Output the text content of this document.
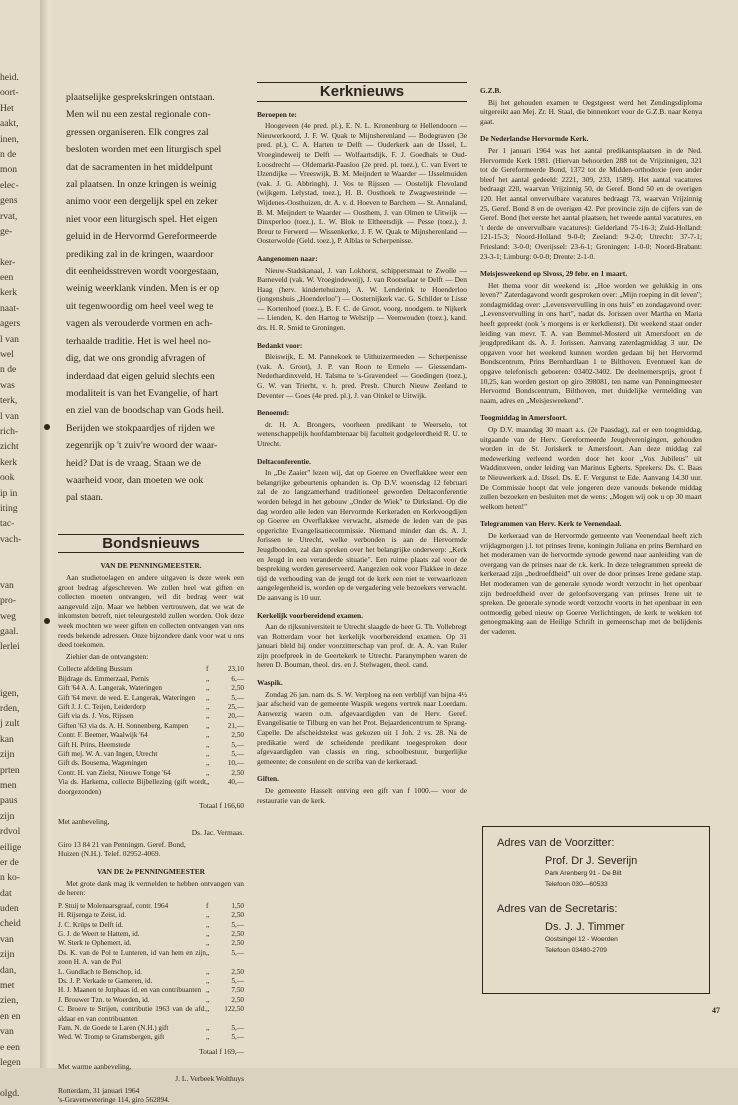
heid.
oort-
Het
aakt,
inen,
n de
mon
elec-
gens
rvat,
ge-
ker-
een
kerk
naat-
agers
l van
wel
n de
was
terk,
l van
rich-
zicht
kerk
ook
ip in
iting
tac-
vach-
van
pro-
weg
gaal.
lerlei
igen,
rden,
j zult
kan
zijn
prten
men
paus
zijn
rdvol
eilige
er de
n ko-
dat
uden
cheid
van
zijn
dan,
met
zien,
en en
van
e een
legen
olgd.

plaatselijke gesprekskringen ontstaan.

Men wil nu een zestal regionale con-

gressen organiseren. Elk congres zal

besloten worden met een liturgisch spel

dat de sacramenten in het middelpunt

zal plaatsen. In onze kringen is weinig

animo voor een dergelijk spel en zeker

niet voor een liturgisch spel. Het eigen

geluid in de Hervormd Gereformeerde

prediking zal in de kringen, waardoor

dit eenheidsstreven wordt voorgestaan,

weinig weerklank vinden. Men is er op

uit tegenwoordig om heel veel weg te

vagen als verouderde vormen en ach-

terhaalde traditie. Het is wel heel no-

dig, dat we ons grondig afvragen of

inderdaad dat eigen geluid slechts een

modaliteit is van het Evangelie, of hart

en ziel van de boodschap van Gods heil.

Berijden we stokpaardjes of rijden we

zegenrijk op 't zuiv're woord der waar-

heid? Dat is de vraag. Staan we de

waarheid voor, dan moeten we ook

pal staan.

Bondsnieuws
VAN DE PENNINGMEESTER.

Aan studietoelagen en andere uitgaven is deze week een groot bedrag afgeschreven. We zullen heel wat giften en collecten moeten ontvangen, wil dit bedrag weer wat aangevuld zijn. Maar we hebben vertrouwen, dat we wat de inkomsten betreft, niet teleurgesteld zullen worden. Ook deze week mochten we weer giften en collecten ontvangen van ons reeds bekende adressen. Onze bijzondere dank voor wat u ons deed toekomen.

Ziehier dan de ontvangsten:

Collecte afdeling Bussum	f	23,10
Bijdrage ds. Emmerzaal, Pernis	,,	6,—
Gift '64 A. A. Langerak, Wateringen	,,	2,50
Gift '64 mevr. de wed. E. Langerak, Wateringen	,,	5,—
Gift J. J. C. Teijen, Leiderdorp	,,	25,—
Gift via ds. J. Vos, Rijssen	,,	20,—
Giften '63 via ds. A. H. Sonnenberg, Kampen	,,	21,—
Contr. F. Beemer, Waalwijk '64	,,	2,50
Gift H. Prins, Heemstede	,,	5,—
Gift mej. W. A. van Ingen, Utrecht	,,	5,—
Gift ds. Bousema, Wageningen	,,	10,—
Contr. H. van Zielst, Nieuwe Tonge '64	,,	2,50
Via ds. Harkema, collecte Bijbellezing (gift wordt doorgezonden)	,,	40,—
Totaal f 166,60
Met aanbeveling,
Ds. Jac. Vermaas.
Giro 13 84 21 van Penningm. Geref. Bond,
Huizen (N.H.). Telef. 02952-4069.
VAN DE 2e PENNINGMEESTER

Met grote dank mag ik vermelden te hebben ontvangen van de heren:

P. Stuij te Molenaarsgraaf, contr. 1964	f	1,50
H. Rijsenga te Zeist, id.	,,	2,50
J. C. Krüps te Delft id.	,,	5,—
G. J. de Weert te Hattem, id.	,,	2,50
W. Sterk te Ophemert, id.	,,	2,50
Ds. K. van de Pol te Lunteren, id van hem en zijn zoon H. A. van de Pol	,,	5,—
L. Gundlach te Benschop, id.	,,	2,50
Ds. J. P. Verkade te Gameren, id.	,,	5,—
H. J. Maanen te Jutphaas id. en van contribuanten	,,	7,50
J. Brouwer Tzn. te Woerden, id.	,,	2,50
C. Broere te Strijen, contributie 1963 van de afd. aldaar en van contribuanten	,,	122,50
Fam. N. de Goede te Laren (N.H.) gift	,,	5,—
Wed. W. Tromp te Gramsbergen, gift	,,	5,—
Totaal f 169,—
Met warme aanbeveling,
J. L. Verbeek Wolthuys
Rotterdam, 31 januari 1964
's-Gravenweteringe 114, giro 562894.
Kerknieuws
Beroepen te:

Hoogeveen (4e pred. pl.), E. N. L. Kronenburg te Hellendoorn — Nieuwerkoord, J. F. W. Quak te Mijnsherenland — Bodegraven (3e pred. pl.), C. A. Harten te Delft — Ouderkerk aan de IJssel, L. Vroegindeweij te Delft — Wolfaartsdijk, F. J. Goedhals te Oud-Loosdrecht — Oldemarkt-Paasloo (2e pred. pl. toez.), C. van Evert te IJzendijke — Vreeswijk, B. M. Meijndert te Waarder — IJsselmuiden (vak. J. G. Abbringh), J. Vos te Rijssen — Oostelijk Flevoland (wijkgem. Lelystad, toez.), H. B. Oosthoek te Zwagwesteinde — Wijdenes-Oosthuizen, dr. A. v. d. Hoeven te Barchem — St. Annaland, B. M. Meijndert te Waarder — Oosthem, J. van Olmen te Uitwijk — Dinxperloo (toez.), L. W. Blok te Eltheetsdijk — Pesse (toez.), J. Breur te Ferwerd — Wissenkerke, J. F. W. Quak te Mijnsherenland — Oosterwolde (Geld. toez.), P. Alblas te Scherpenisse.

Aangenomen naar:

Nieuw-Stadskanaal, J. van Lokhorst, schippersmaat te Zwolle — Barneveld (vak. W. Vroegindeweij), J. van Rootselaar te Delft — Den Haag (herv. kindertehuizen), A. W. Lenderink te Hoenderloo (jongenshuis „Hoenderloo") — Oosternijkerk vac. G. Schilder te Lisse — Kortenhoef (toez.), B. F. C. de Groot, voorg. noodgem. te Nijkerk — Lienden, K. den Hartog te Welsrijp — Veenwouden (toez.), kand. drs. H. R. Smid te Groningen.

Bedankt voor:

Bleiswijk, E. M. Pannekoek te Uithuizermeeden — Scherpenisse (vak. A. Groot), J. P. van Roon te Ermelo — Giessendam-Nederhardinxveld, H. Talsma te 's-Gravendeel — Goedingen (toez.), G. W. van Trierht, v. h. pred. Presb. Church Nieuw Zeeland te Deventer — Goes (4e pred. pl.), J. van Oinkel te Uitwijk.

Benoemd:

dr. H. A. Brongers, voorheen predikant te Weerselo, tot wetenschappelijk hoofdambtenaar bij faculteit godgeleerdheid R. U. te Utrecht.

Deltaconferentie.

In „De Zaaier" lezen wij, dat op Goeree en Overflakkee weer een belangrijke gebeurtenis ophanden is. Op D.V. woensdag 12 februari zal de zo langzamerhand traditioneel geworden Deltaconferentie worden belegd in het gebouw „Onder de Wiek" te Dirksland. Op die dag worden alle leden van Hervormde Kerkeraden en Kerkvoogdijen op Goeree en Overflakkee verwacht, alsmede de leden van de pas opgerichte Evangelisatiecommissie. Niemand minder dan ds. A. J. Jorissen te Utrecht, welke verbonden is aan de Hervormde Jeugdbonden, zal dan spreken over het belangrijke onderwerp: „Kerk en Jeugd in een veranderde situatie". Een ruime plaats zal voor de bespreking worden gereserveerd. Aangezien ook voor Flakkee in deze tijd de verhouding van de jeugd tot de kerk een niet te verwaarlozen aangelegenheid is, worden op de vergadering vele bezoekers verwacht. De aanvang is 10 uur.

Kerkelijk voorbereidend examen.

Aan de rijksuniversiteit te Utrecht slaagde de heer G. Th. Vollebregt van Rotterdam voor het kerkelijk voorbereidend examen. Op 31 januari bleld hij onder voorzitterschap van prof. dr. A. A. van Ruler zijn proefpreek in de Geertekerk te Utrecht. Paranymphen waren de heren D. Bouman, theol. drs. en J. Stelwagen, theol. cand.

Waspik.

Zondag 26 jan. nam ds. S. W. Verploeg na een verblijf van bijna 4½ jaar afscheid van de gemeente Waspik wegens vertrek naar Loerdam. Aanwezig waren o.m. afgevaardigden van de Herv. Geref. Evangelisatie te Tilburg en van het Prot. Bejaardencentrum te Sprang-Capelle. De afscheidstekst was gekozen uit 1 Joh. 2 vs. 28. Na de predikatie werd de scheidende predikant toegesproken door afgevaardigden van classis en ring, schoolbestuur, burgerlijke gemeente; de consulent en de scriba van de kerkeraad.

Giften.

De gemeente Hasselt ontving een gift van f 1000.— voor de restauratie van de kerk.

G.Z.B.

Bij het gehouden examen te Oegstgeest werd het Zendingsdiploma uitgereikt aan Mej. Zr. H. Staal, die binnenkort voor de G.Z.B. naar Kenya gaat.

De Nederlandse Hervormde Kerk.

Per 1 januari 1964 was het aantal predikantsplaatsen in de Ned. Hervormde Kerk 1981. (Hiervan behoorden 288 tot de Vrijzinnigen, 321 tot de Gereformeerde Bond, 1372 tot de Midden-orthodoxie (een ander bleef het aantal gedeeld: 2221, 309, 233, 1589). Het aantal vacatures bedraagt 220, waarvan Vrijzinnig 50, de Geref. Bond 50 en de overigen 120. Het aantal onvervulbare vacatures bedraagt 73, waarvan Vrijzinnig 25, Geref. Bond 8 en de overigen 42. Per provincie zijn de cijfers van de Geref. Bond (het eerste het aantal plaatsen, het tweede aantal vacatures, en 't derde de onvervulbare vacatures): Gelderland 75-16-3; Zuid-Holland: 121-15-3; Noord-Holland 9-0-0; Zeeland: 9-2-0; Utrecht: 37-7-1; Friesland: 3-0-0; Overijssel: 23-6-1; Groningen: 1-0-0; Noord-Brabant: 23-3-1; Limburg: 0-0-0; Drente: 2-1-0.

Meisjesweekend op Sivoss, 29 febr. en 1 maart.

Het thema voor dit weekend is: „Hoe worden we gelukkig in ons leven?" Zaterdagavond wordt gesproken over: „Mijn roeping in dit leven"; zondagmiddag over: „Levensvervulling in ons huis" en zondagavond over: „Levensvervulling in ons hart", nadat ds. Jorissen over Martha en Maria heeft gepreekt (ook 's morgens is er kerkdienst). Dit weekend staat onder leiding van mevr. T. A. van Bemmel-Mosterd uit Amersfoort en de jeugdpredikant ds. A. J. Jorissen. Aanvang zaterdagmiddag 3 uur. De opgaven voor het weekend kunnen worden gedaan bij het Hervormd Bondscentrum, Prins Bernhardlaan 1 te Bilthoven. Eventueel kan de opgave telefonisch geboeren: 03402-3402. De deelnemersprijs, groot f 10,25, kan worden gestort op giro 398081, ten name van Penningmeester Hervormd Bondscentrum, Bilthoven, met duidelijke vermelding van naam, adres en „Meisjesweekend".

Toogmiddag in Amersfoort.

Op D.V. maandag 30 maart a.s. (2e Paasdag), zal er een toogmiddag, uitgaande van de Herv. Gereformeerde Jeugdverenigingen, gehouden worden in de St. Joriskerk te Amersfoort. Aan deze middag zal medewerking verleend worden door het koor „Vox Jubileus" uit Waddinxveen, onder leiding van Marinus Egberts. Sprekers: Ds. C. Baas te Nieuwerkerk a.d. IJssel. Ds. E. F. Vergunst te Ede. Aanvang 14.30 uur. De Commissie hoopt dat vele jongeren deze vanouds bekende middag zullen bezoeken en besluiten met de wens: „Mogen wij ook u op 30 maart welkom heten!"

Telegrammen van Herv. Kerk te Veenendaal.

De kerkeraad van de Hervormde gemeente van Veenendaal heeft zich vrijdagmorgen j.l. tot prinses Irene, koningin Juliana en prins Bernhard en het moderamen van de hervormde synode gewend naar aanleiding van de overgang van de prinses naar de r.k. kerk. In deze telegrammen spreekt de kerkeraad zijn „bedroefdheid" uit over de door prinses Irene gedane stap. Het moderamen van de generale synode wordt verzocht in het openbaar zijn bedroefdheid over de geloofsovergang van prinses Irene uit te spreken. De generale synode wordt verzocht voorts in het openbaar in een ootmoedig gebed nieuw op Goeree Verlichtingen, de kerk te wekken tot genoegmaking aan de Heilige Schrift in gemeenschap met de belijdenis der vaderen.

Adres van de Voorzitter:
Prof. Dr J. Severijn
Park Arenberg 91 - De Bilt
Telefoon 030—60533
Adres van de Secretaris:
Ds. J. J. Timmer
Oostsingel 12 - Woerden
Telefoon 03480-2709
47
